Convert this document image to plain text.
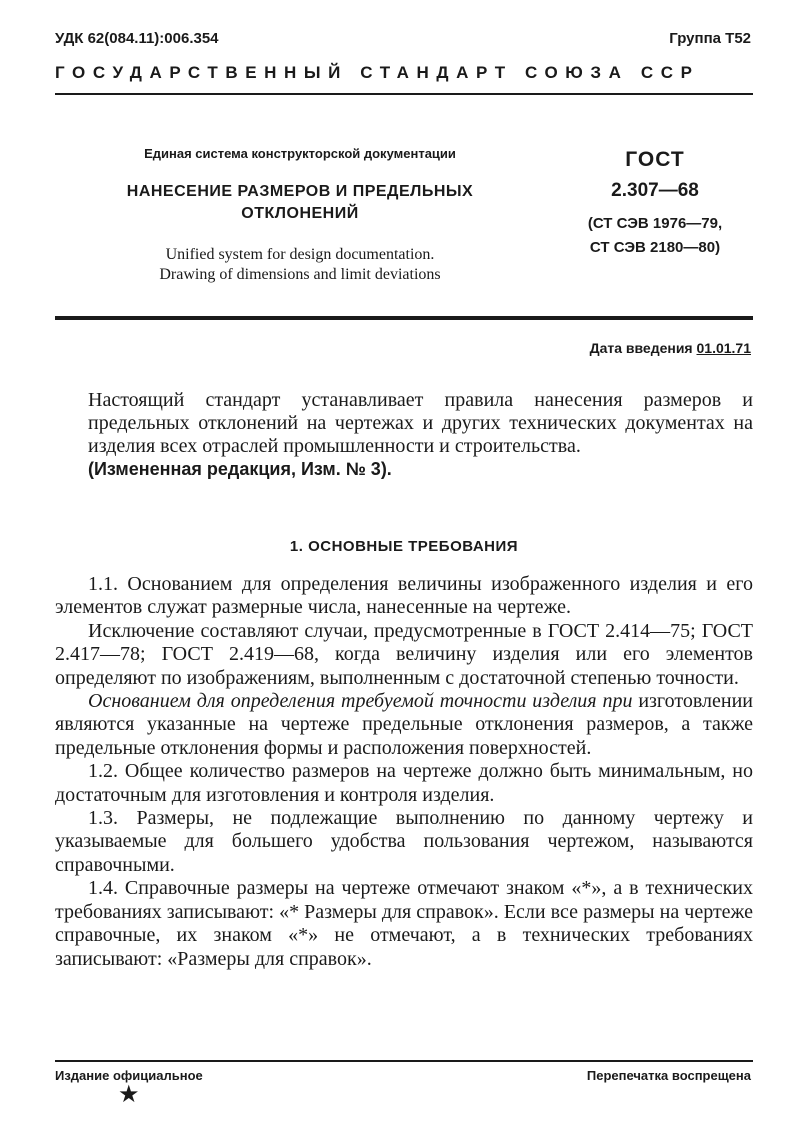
УДК 62(084.11):006.354	Группа Т52
ГОСУДАРСТВЕННЫЙ СТАНДАРТ СОЮЗА ССР
Единая система конструкторской документации
НАНЕСЕНИЕ РАЗМЕРОВ И ПРЕДЕЛЬНЫХ
ОТКЛОНЕНИЙ
Unified system for design documentation.
Drawing of dimensions and limit deviations
ГОСТ
2.307—68
(СТ СЭВ 1976—79,
СТ СЭВ 2180—80)
Дата введения 01.01.71

Настоящий стандарт устанавливает правила нанесения размеров и предельных отклонений на чертежах и других технических документах на изделия всех отраслей промышленности и строительства.

(Измененная редакция, Изм. № 3).

1. ОСНОВНЫЕ ТРЕБОВАНИЯ

1.1. Основанием для определения величины изображенного изделия и его элементов служат размерные числа, нанесенные на чертеже.

Исключение составляют случаи, предусмотренные в ГОСТ 2.414—75; ГОСТ 2.417—78; ГОСТ 2.419—68, когда величину изделия или его элементов определяют по изображениям, выполненным с достаточной степенью точности.

Основанием для определения требуемой точности изделия при изготовлении являются указанные на чертеже предельные отклонения размеров, а также предельные отклонения формы и расположения поверхностей.

1.2. Общее количество размеров на чертеже должно быть минимальным, но достаточным для изготовления и контроля изделия.

1.3. Размеры, не подлежащие выполнению по данному чертежу и указываемые для большего удобства пользования чертежом, называются справочными.

1.4. Справочные размеры на чертеже отмечают знаком «*», а в технических требованиях записывают: «* Размеры для справок». Если все размеры на чертеже справочные, их знаком «*» не отмечают, а в технических требованиях записывают: «Размеры для справок».

Издание официальное	Перепечатка воспрещена
★
